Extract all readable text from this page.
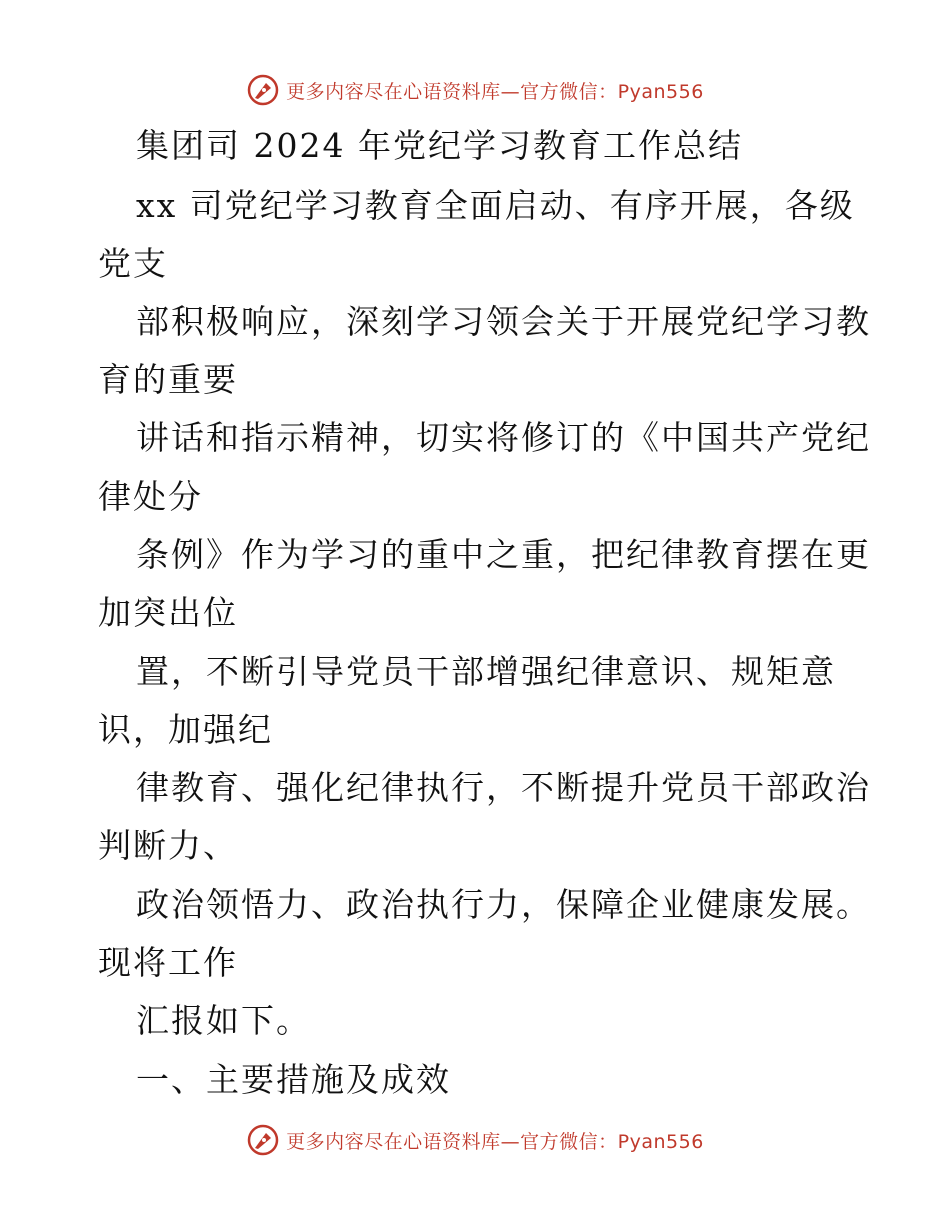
更多内容尽在心语资料库—官方微信：Pyan556
集团司 2024 年党纪学习教育工作总结
xx 司党纪学习教育全面启动、有序开展，各级
党支
部积极响应，深刻学习领会关于开展党纪学习教
育的重要
讲话和指示精神，切实将修订的《中国共产党纪
律处分
条例》作为学习的重中之重，把纪律教育摆在更
加突出位
置，不断引导党员干部增强纪律意识、规矩意
识，加强纪
律教育、强化纪律执行，不断提升党员干部政治
判断力、
政治领悟力、政治执行力，保障企业健康发展。
现将工作
汇报如下。
一、主要措施及成效
更多内容尽在心语资料库—官方微信：Pyan556
